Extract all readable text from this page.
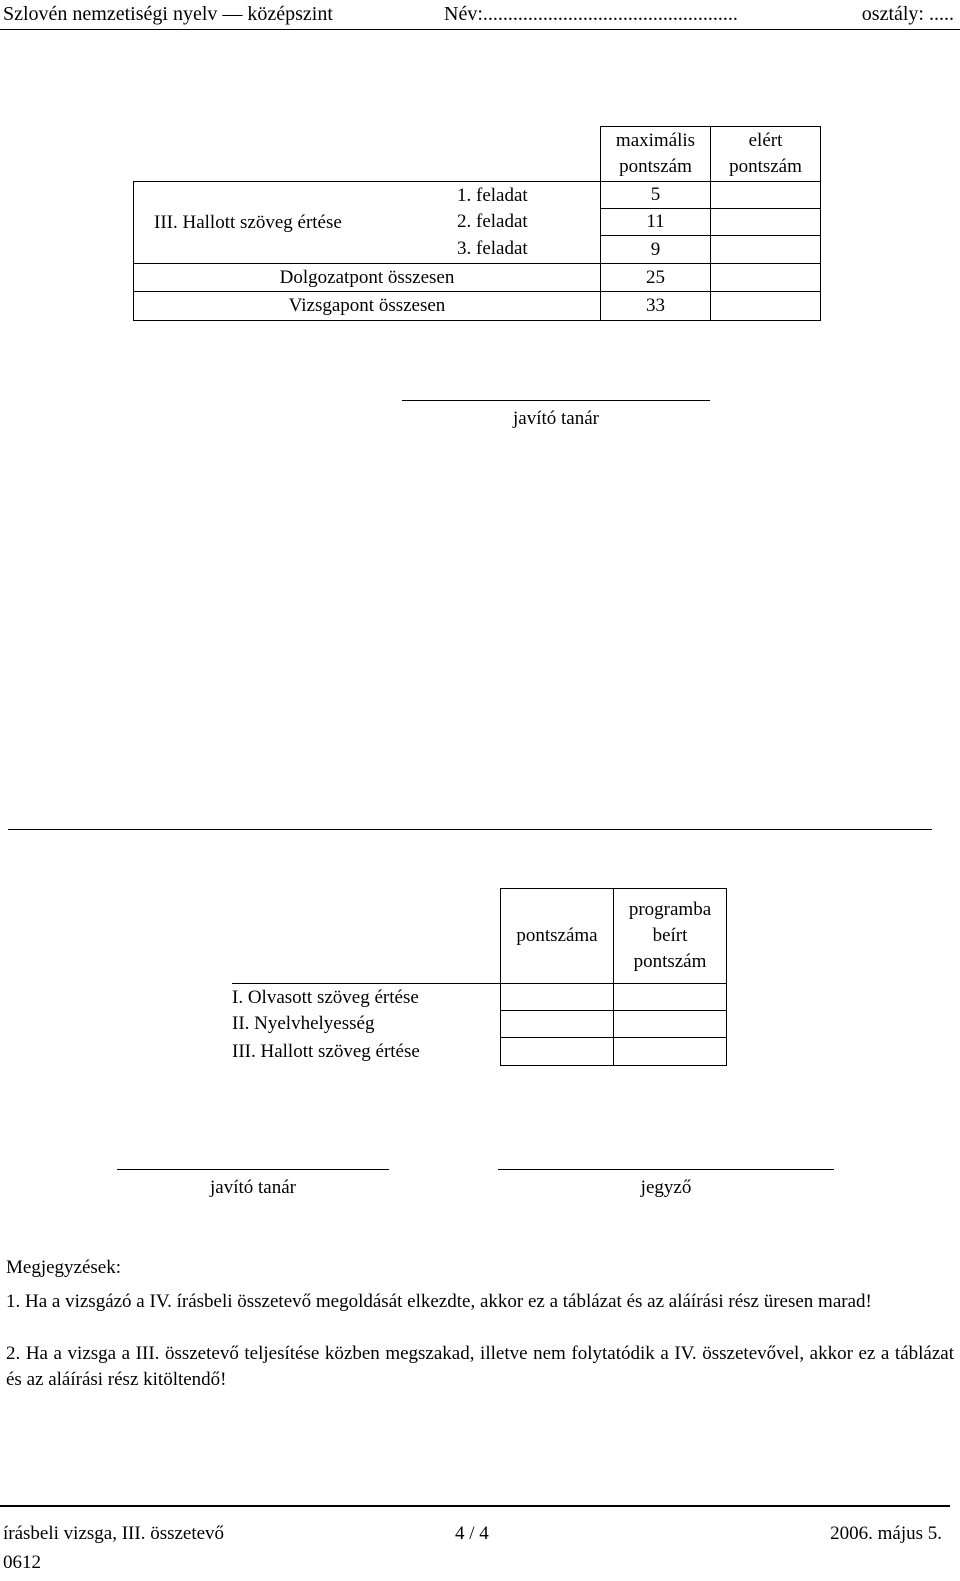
Szlovén nemzetiségi nyelv — középszint	Név:...................................................	osztály: .....
maximális pontszám
elért pontszám
III. Hallott szöveg értése
1. feladat	5
2. feladat	11
3. feladat	9
Dolgozatpont összesen	25
Vizsgapont összesen	33
javító tanár
pontszáma
programba beírt pontszám
I. Olvasott szöveg értése
II. Nyelvhelyesség
III. Hallott szöveg értése
javító tanár	jegyző
Megjegyzések:
1. Ha a vizsgázó a IV. írásbeli összetevő megoldását elkezdte, akkor ez a táblázat és az aláírási rész üresen marad!
2. Ha a vizsga a III. összetevő teljesítése közben megszakad, illetve nem folytatódik a IV. összetevővel, akkor ez a táblázat és az aláírási rész kitöltendő!
írásbeli vizsga, III. összetevő	4 / 4	2006. május 5.
0612
